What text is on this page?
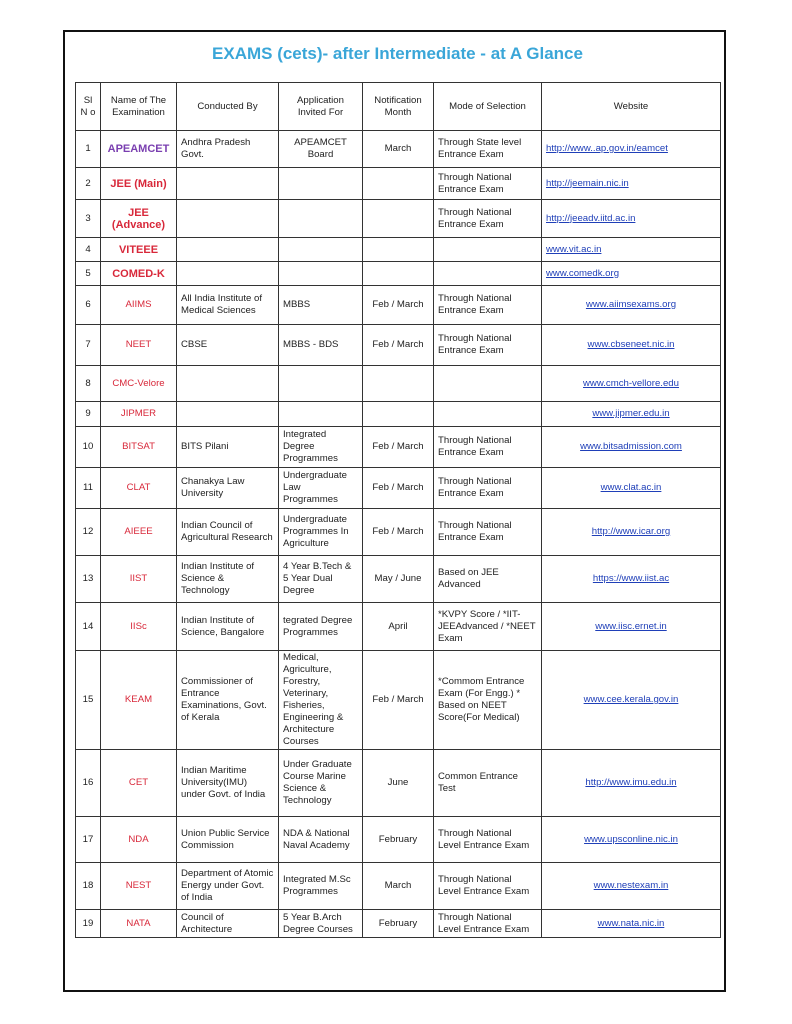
EXAMS (cets)- after Intermediate - at A Glance
Sl N o	Name of The Examination	Conducted By	Application Invited For	Notification Month	Mode of Selection	Website
1	APEAMCET	Andhra Pradesh Govt.	APEAMCET Board	March	Through State level Entrance Exam	http://www..ap.gov.in/eamcet
2	JEE (Main)				Through National Entrance Exam	http://jeemain.nic.in
3	JEE (Advance)				Through National Entrance Exam	http://jeeadv.iitd.ac.in
4	VITEEE					www.vit.ac.in
5	COMED-K					www.comedk.org
6	AIIMS	All India Institute of Medical Sciences	MBBS	Feb / March	Through National Entrance Exam	www.aiimsexams.org
7	NEET	CBSE	MBBS - BDS	Feb / March	Through National Entrance Exam	www.cbseneet.nic.in
8	CMC-Velore					www.cmch-vellore.edu
9	JIPMER					www.jipmer.edu.in
10	BITSAT	BITS Pilani	Integrated Degree Programmes	Feb / March	Through National Entrance Exam	www.bitsadmission.com
11	CLAT	Chanakya Law University	Undergraduate Law Programmes	Feb / March	Through National Entrance Exam	www.clat.ac.in
12	AIEEE	Indian Council of Agricultural Research	Undergraduate Programmes In Agriculture	Feb / March	Through National Entrance Exam	http://www.icar.org
13	IIST	Indian Institute of Science & Technology	4 Year B.Tech & 5 Year Dual Degree	May / June	Based on JEE Advanced	https://www.iist.ac
14	IISc	Indian Institute of Science, Bangalore	tegrated Degree Programmes	April	*KVPY Score / *IIT-JEEAdvanced / *NEET Exam	www.iisc.ernet.in
15	KEAM	Commissioner of Entrance Examinations, Govt. of Kerala	Medical, Agriculture, Forestry, Veterinary, Fisheries, Engineering & Architecture Courses	Feb / March	*Commom Entrance Exam (For Engg.) * Based on NEET Score(For Medical)	www.cee.kerala.gov.in
16	CET	Indian Maritime University(IMU) under Govt. of India	Under Graduate Course Marine Science & Technology	June	Common Entrance Test	http://www.imu.edu.in
17	NDA	Union Public Service Commission	NDA & National Naval Academy	February	Through National Level Entrance Exam	www.upsconline.nic.in
18	NEST	Department of Atomic Energy under Govt. of India	Integrated M.Sc Programmes	March	Through National Level Entrance Exam	www.nestexam.in
19	NATA	Council of Architecture	5 Year B.Arch Degree Courses	February	Through National Level Entrance Exam	www.nata.nic.in
